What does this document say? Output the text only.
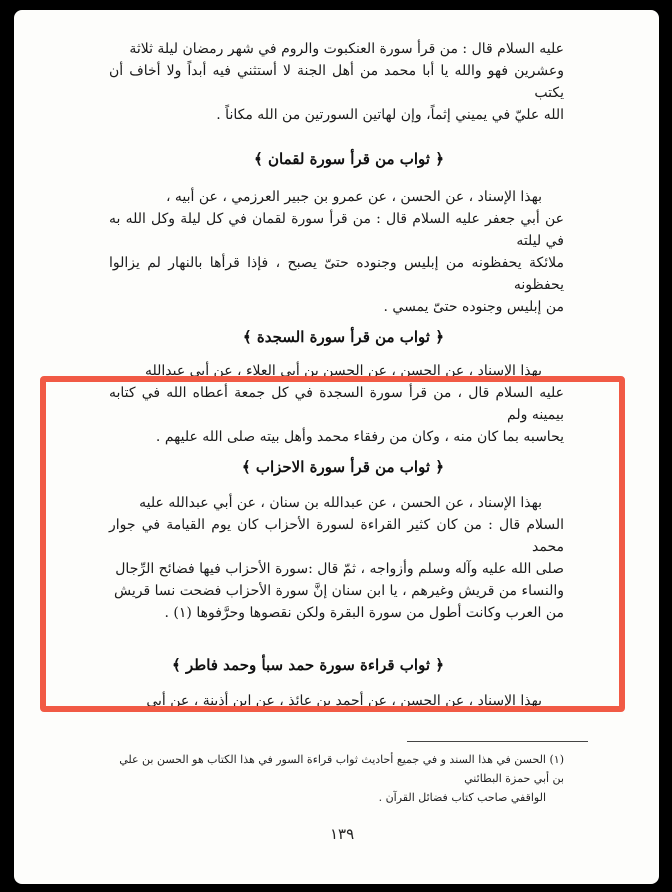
عليه السلام قال : من قرأ سورة العنكبوت والروم في شهر رمضان ليلة ثلاثة

وعشرين فهو والله يا أبا محمد من أهل الجنة لا أستثني فيه أبداً ولا أخاف أن يكتب

الله عليّ في يميني إثماً، وإن لهاتين السورتين من الله مكاناً .

﴿ ثواب من قرأ سورة لقمان ﴾

بهذا الإسناد ، عن الحسن ، عن عمرو بن جبير العرزمي ، عن أبيه ،

عن أبي جعفر عليه السلام قال : من قرأ سورة لقمان في كل ليلة وكل الله به في ليلته

ملائكة يحفظونه من إبليس وجنوده حتىّ يصبح ، فإذا قرأها بالنهار لم يزالوا يحفظونه

من إبليس وجنوده حتىّ يمسي .

﴿ ثواب من قرأ سورة السجدة ﴾

بهذا الإسناد ، عن الحسن ، عن الحسن بن أبي العلاء ، عن أبي عبدالله

عليه السلام قال ، من قرأ سورة السجدة في كل جمعة أعطاه الله في كتابه بيمينه ولم

يحاسبه بما كان منه ، وكان من رفقاء محمد وأهل بيته صلى الله عليهم .

﴿ ثواب من قرأ سورة الاحزاب ﴾

بهذا الإسناد ، عن الحسن ، عن عبدالله بن سنان ، عن أبي عبدالله عليه

السلام قال : من كان كثير القراءة لسورة الأحزاب كان يوم القيامة في جوار محمد

صلى الله عليه وآله وسلم وأزواجه ، ثمّ قال :سورة الأحزاب فيها فضائح الرِّجال

والنساء من قريش وغيرهم ، يا ابن سنان إنَّ سورة الأحزاب فضحت نسا قريش

من العرب وكانت أطول من سورة البقرة ولكن نقصوها وحرَّفوها (١) .

﴿ ثواب قراءة سورة حمد سبأ وحمد فاطر ﴾

بهذا الإسناد ، عن الحسن ، عن أحمد بن عائذ ، عن ابن أذينة ، عن أبي

(١) الحسن في هذا السند و في جميع أحاديث ثواب قراءة السور في هذا الكتاب هو الحسن بن علي بن أبي حمزة البطائني

الواقفي صاحب كتاب فضائل القرآن .

١٣٩
